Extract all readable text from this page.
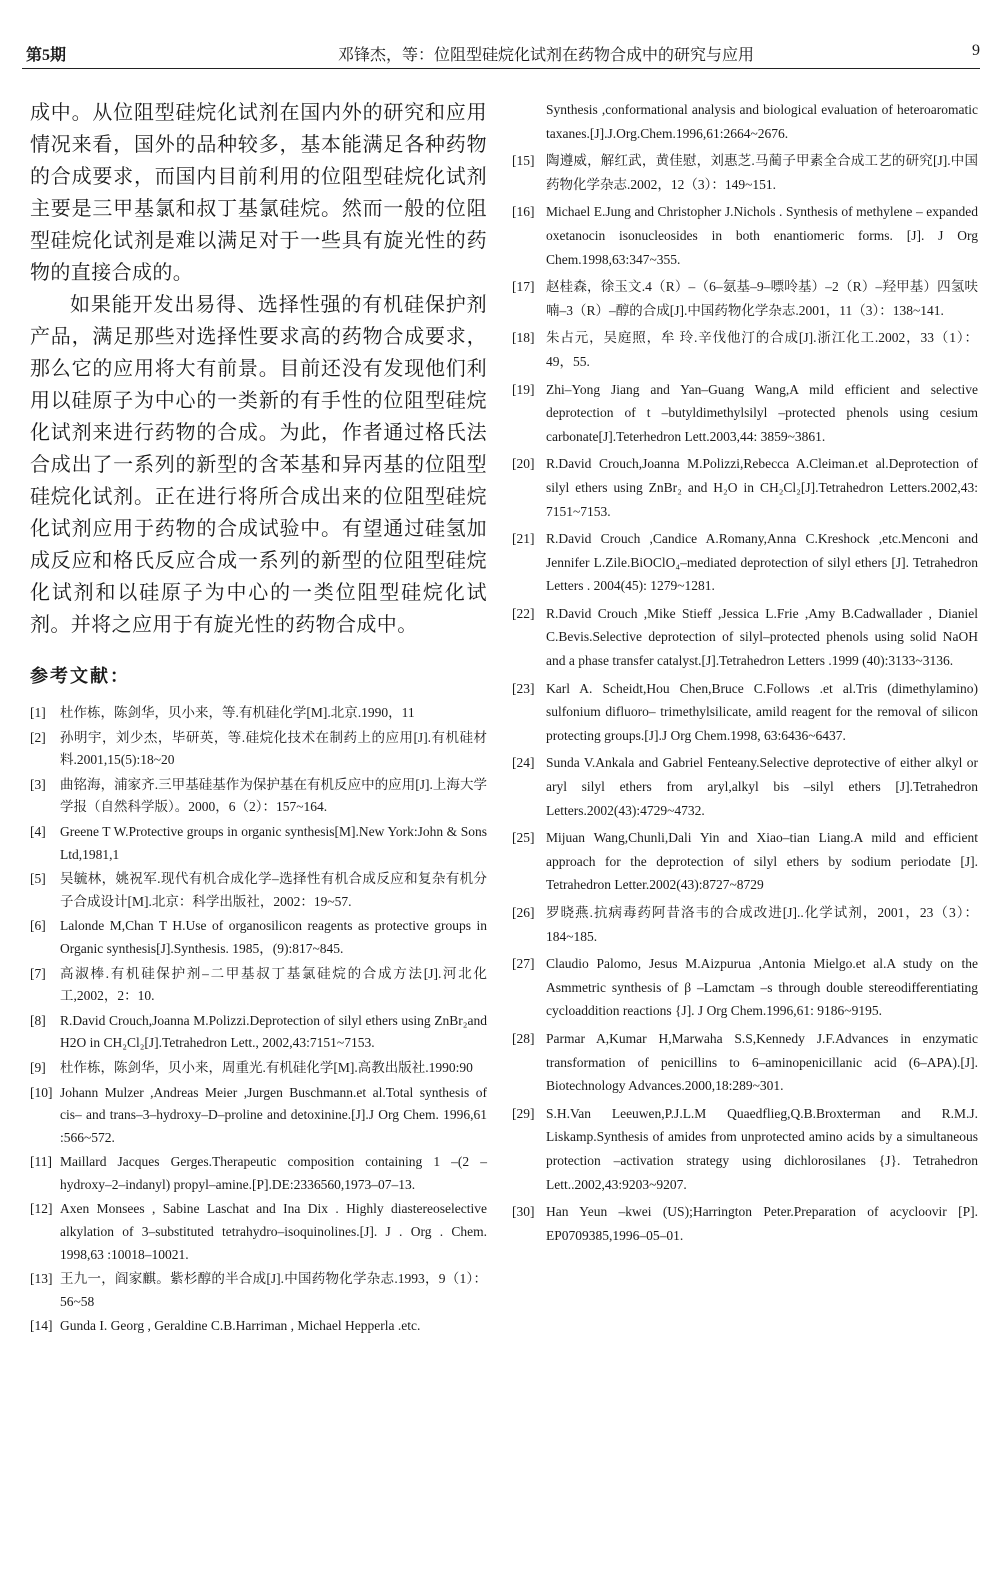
第5期	邓锋杰，等：位阻型硅烷化试剂在药物合成中的研究与应用	9

成中。从位阻型硅烷化试剂在国内外的研究和应用情况来看，国外的品种较多，基本能满足各种药物的合成要求，而国内目前利用的位阻型硅烷化试剂主要是三甲基氯和叔丁基氯硅烷。然而一般的位阻型硅烷化试剂是难以满足对于一些具有旋光性的药物的直接合成的。

如果能开发出易得、选择性强的有机硅保护剂产品，满足那些对选择性要求高的药物合成要求，那么它的应用将大有前景。目前还没有发现他们利用以硅原子为中心的一类新的有手性的位阻型硅烷化试剂来进行药物的合成。为此，作者通过格氏法合成出了一系列的新型的含苯基和异丙基的位阻型硅烷化试剂。正在进行将所合成出来的位阻型硅烷化试剂应用于药物的合成试验中。有望通过硅氢加成反应和格氏反应合成一系列的新型的位阻型硅烷化试剂和以硅原子为中心的一类位阻型硅烷化试剂。并将之应用于有旋光性的药物合成中。

参考文献：
[1] 杜作栋，陈剑华，贝小来，等.有机硅化学[M].北京.1990，11
[2] 孙明宇，刘少杰，毕研英，等.硅烷化技术在制药上的应用[J].有机硅材料.2001,15(5):18~20
[3] 曲铭海，浦家齐.三甲基硅基作为保护基在有机反应中的应用[J].上海大学学报（自然科学版）。2000，6（2）：157~164.
[4] Greene T W.Protective groups in organic synthesis[M].New York:John & Sons Ltd,1981,1
[5] 吴毓林，姚祝军.现代有机合成化学–选择性有机合成反应和复杂有机分子合成设计[M].北京：科学出版社，2002：19~57.
[6] Lalonde M,Chan T H.Use of organosilicon reagents as protective groups in Organic synthesis[J].Synthesis. 1985，(9):817~845.
[7] 高淑棒.有机硅保护剂–二甲基叔丁基氯硅烷的合成方法[J].河北化工,2002，2：10.
[8] R.David Crouch,Joanna M.Polizzi.Deprotection of silyl ethers using ZnBr₂and H2O in CH₂Cl₂[J].Tetrahedron Lett., 2002,43:7151~7153.
[9] 杜作栋，陈剑华，贝小来，周重光.有机硅化学[M].高教出版社.1990:90
[10] Johann Mulzer ,Andreas Meier ,Jurgen Buschmann.et al.Total synthesis of cis– and trans–3–hydroxy–D–proline and detoxinine.[J].J Org Chem. 1996,61 :566~572.
[11] Maillard Jacques Gerges.Therapeutic composition containing 1 –(2 – hydroxy–2–indanyl) propyl–amine.[P].DE:2336560,1973–07–13.
[12] Axen Monsees , Sabine Laschat and Ina Dix . Highly diastereoselective alkylation of 3–substituted tetrahydro–isoquinolines.[J]. J . Org . Chem. 1998,63 :10018–10021.
[13] 王九一，阎家麒。紫杉醇的半合成[J].中国药物化学杂志.1993，9（1）：56~58
[14] Gunda I. Georg , Geraldine C.B.Harriman , Michael Hepperla .etc.
Synthesis ,conformational analysis and biological evaluation of heteroaromatic taxanes.[J].J.Org.Chem.1996,61:2664~2676.
[15] 陶遵威，解红武，黄佳慰，刘惠芝.马蔺子甲素全合成工艺的研究[J].中国药物化学杂志.2002，12（3）：149~151.
[16] Michael E.Jung and Christopher J.Nichols . Synthesis of methylene – expanded oxetanocin isonucleosides in both enantiomeric forms. [J]. J Org Chem.1998,63:347~355.
[17] 赵桂森，徐玉文.4（R）–（6–氨基–9–嘌呤基）–2（R）–羟甲基）四氢呋喃–3（R）–醇的合成[J].中国药物化学杂志.2001，11（3）：138~141.
[18] 朱占元，吴庭照，牟 玲.辛伐他汀的合成[J].浙江化工.2002，33（1）：49，55.
[19] Zhi–Yong Jiang and Yan–Guang Wang,A mild efficient and selective deprotection of t –butyldimethylsilyl –protected phenols using cesium carbonate[J].Teterhedron Lett.2003,44: 3859~3861.
[20] R.David Crouch,Joanna M.Polizzi,Rebecca A.Cleiman.et al.Deprotection of silyl ethers using ZnBr₂ and H₂O in CH₂Cl₂[J].Tetrahedron Letters.2002,43: 7151~7153.
[21] R.David Crouch ,Candice A.Romany,Anna C.Kreshock ,etc.Menconi and Jennifer L.Zile.BiOClO₄–mediated deprotection of silyl ethers [J]. Tetrahedron Letters . 2004(45): 1279~1281.
[22] R.David Crouch ,Mike Stieff ,Jessica L.Frie ,Amy B.Cadwallader , Dianiel C.Bevis.Selective deprotection of silyl–protected phenols using solid NaOH and a phase transfer catalyst.[J].Tetrahedron Letters .1999 (40):3133~3136.
[23] Karl A. Scheidt,Hou Chen,Bruce C.Follows .et al.Tris (dimethylamino) sulfonium difluoro– trimethylsilicate, amild reagent for the removal of silicon protecting groups.[J].J Org Chem.1998, 63:6436~6437.
[24] Sunda V.Ankala and Gabriel Fenteany.Selective deprotective of either alkyl or aryl silyl ethers from aryl,alkyl bis –silyl ethers [J].Tetrahedron Letters.2002(43):4729~4732.
[25] Mijuan Wang,Chunli,Dali Yin and Xiao–tian Liang.A mild and efficient approach for the deprotection of silyl ethers by sodium periodate [J]. Tetrahedron Letter.2002(43):8727~8729
[26] 罗晓燕.抗病毒药阿昔洛韦的合成改进[J]..化学试剂，2001，23（3）：184~185.
[27] Claudio Palomo, Jesus M.Aizpurua ,Antonia Mielgo.et al.A study on the Asmmetric synthesis of β –Lamctam –s through double stereodifferentiating cycloaddition reactions {J]. J Org Chem.1996,61: 9186~9195.
[28] Parmar A,Kumar H,Marwaha S.S,Kennedy J.F.Advances in enzymatic transformation of penicillins to 6–aminopenicillanic acid (6–APA).[J]. Biotechnology Advances.2000,18:289~301.
[29] S.H.Van Leeuwen,P.J.L.M Quaedflieg,Q.B.Broxterman and R.M.J. Liskamp.Synthesis of amides from unprotected amino acids by a simultaneous protection –activation strategy using dichlorosilanes {J}. Tetrahedron Lett..2002,43:9203~9207.
[30] Han Yeun –kwei (US);Harrington Peter.Preparation of acycloovir [P]. EP0709385,1996–05–01.
